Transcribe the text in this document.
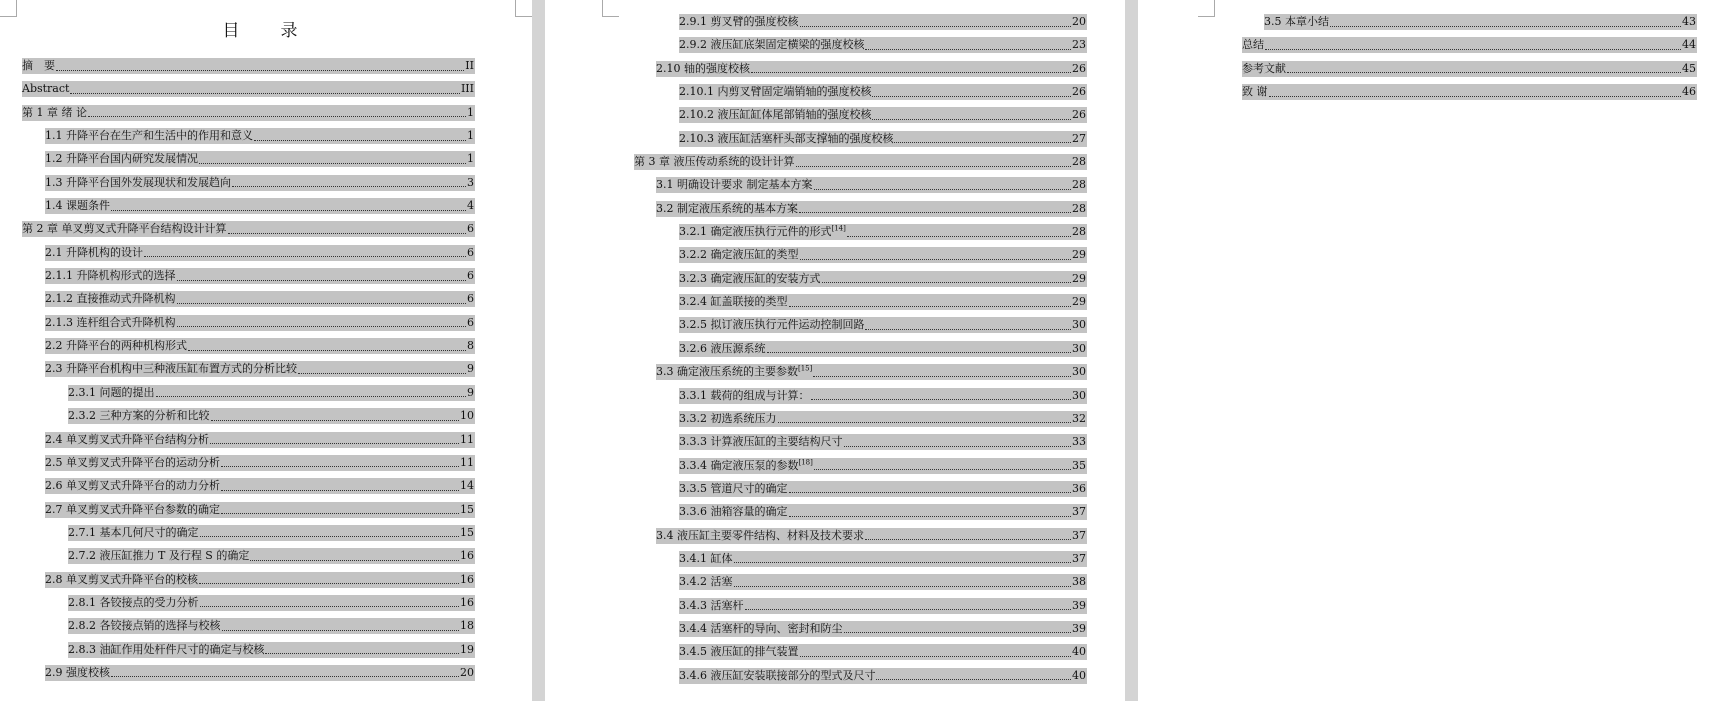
目　录
摘　要	II
Abstract	III
第 1 章 绪 论	1
1.1 升降平台在生产和生活中的作用和意义	1
1.2 升降平台国内研究发展情况	1
1.3 升降平台国外发展现状和发展趋向	3
1.4 课题条件	4
第 2 章 单叉剪叉式升降平台结构设计计算	6
2.1 升降机构的设计	6
2.1.1 升降机构形式的选择	6
2.1.2 直接推动式升降机构	6
2.1.3 连杆组合式升降机构	6
2.2 升降平台的两种机构形式	8
2.3 升降平台机构中三种液压缸布置方式的分析比较	9
2.3.1 问题的提出	9
2.3.2 三种方案的分析和比较	10
2.4 单叉剪叉式升降平台结构分析	11
2.5 单叉剪叉式升降平台的运动分析	11
2.6 单叉剪叉式升降平台的动力分析	14
2.7 单叉剪叉式升降平台参数的确定	15
2.7.1 基本几何尺寸的确定	15
2.7.2 液压缸推力 T 及行程 S 的确定	16
2.8 单叉剪叉式升降平台的校核	16
2.8.1 各铰接点的受力分析	16
2.8.2 各铰接点销的选择与校核	18
2.8.3 油缸作用处杆件尺寸的确定与校核	19
2.9 强度校核	20
2.9.1 剪叉臂的强度校核	20
2.9.2 液压缸底架固定横梁的强度校核	23
2.10 轴的强度校核	26
2.10.1 内剪叉臂固定端销轴的强度校核	26
2.10.2 液压缸缸体尾部销轴的强度校核	26
2.10.3 液压缸活塞杆头部支撑轴的强度校核	27
第 3 章 液压传动系统的设计计算	28
3.1 明确设计要求 制定基本方案	28
3.2 制定液压系统的基本方案	28
3.2.1 确定液压执行元件的形式[14]	28
3.2.2 确定液压缸的类型	29
3.2.3 确定液压缸的安装方式	29
3.2.4 缸盖联接的类型	29
3.2.5 拟订液压执行元件运动控制回路	30
3.2.6 液压源系统	30
3.3 确定液压系统的主要参数[15]	30
3.3.1 载荷的组成与计算：	30
3.3.2 初选系统压力	32
3.3.3 计算液压缸的主要结构尺寸	33
3.3.4 确定液压泵的参数[18]	35
3.3.5 管道尺寸的确定	36
3.3.6 油箱容量的确定	37
3.4 液压缸主要零件结构、材料及技术要求	37
3.4.1 缸体	37
3.4.2 活塞	38
3.4.3 活塞杆	39
3.4.4 活塞杆的导向、密封和防尘	39
3.4.5 液压缸的排气装置	40
3.4.6 液压缸安装联接部分的型式及尺寸	40
3.5 本章小结	43
总结	44
参考文献	45
致 谢	46
